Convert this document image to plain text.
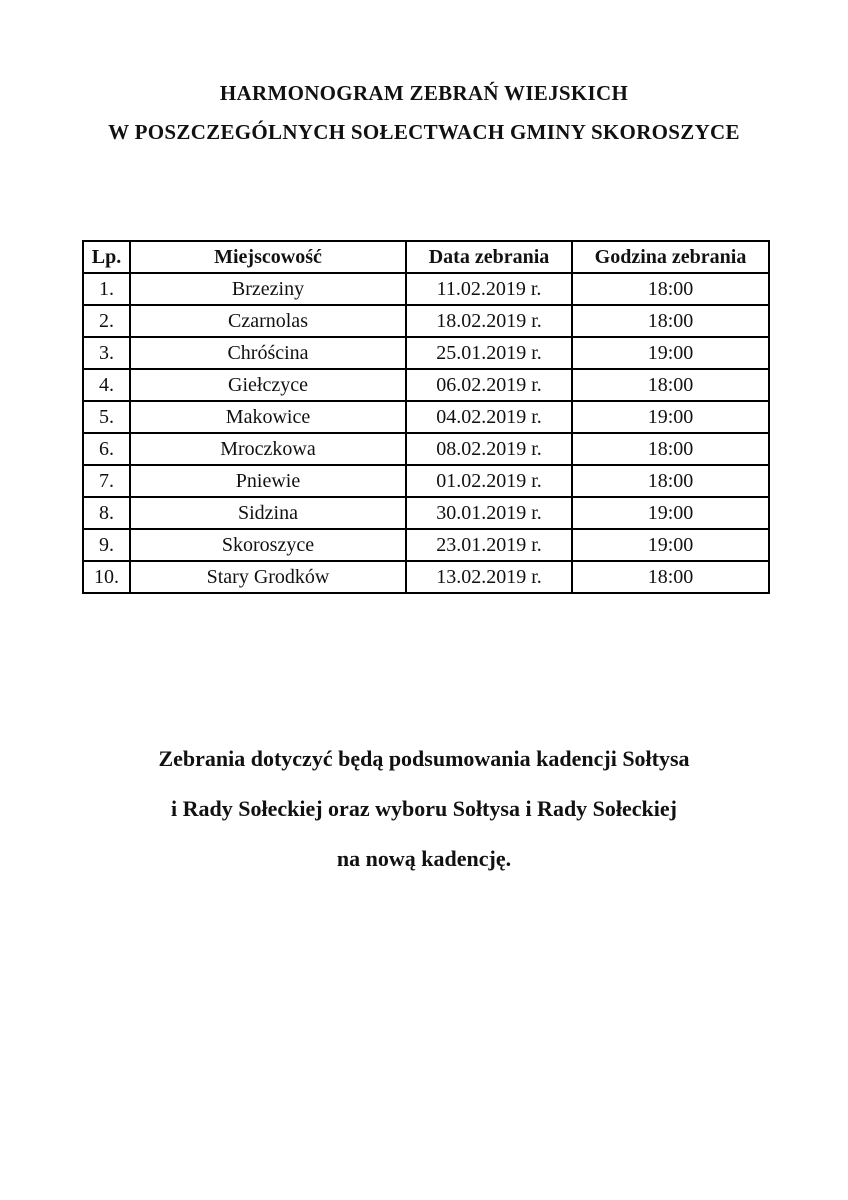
HARMONOGRAM ZEBRAŃ WIEJSKICH
W POSZCZEGÓLNYCH SOŁECTWACH GMINY SKOROSZYCE
Lp.	Miejscowość	Data zebrania	Godzina zebrania
1.	Brzeziny	11.02.2019 r.	18:00
2.	Czarnolas	18.02.2019 r.	18:00
3.	Chróścina	25.01.2019 r.	19:00
4.	Giełczyce	06.02.2019 r.	18:00
5.	Makowice	04.02.2019 r.	19:00
6.	Mroczkowa	08.02.2019 r.	18:00
7.	Pniewie	01.02.2019 r.	18:00
8.	Sidzina	30.01.2019 r.	19:00
9.	Skoroszyce	23.01.2019 r.	19:00
10.	Stary Grodków	13.02.2019 r.	18:00
Zebrania dotyczyć będą podsumowania kadencji Sołtysa
i Rady Sołeckiej oraz wyboru Sołtysa i Rady Sołeckiej
na nową kadencję.
